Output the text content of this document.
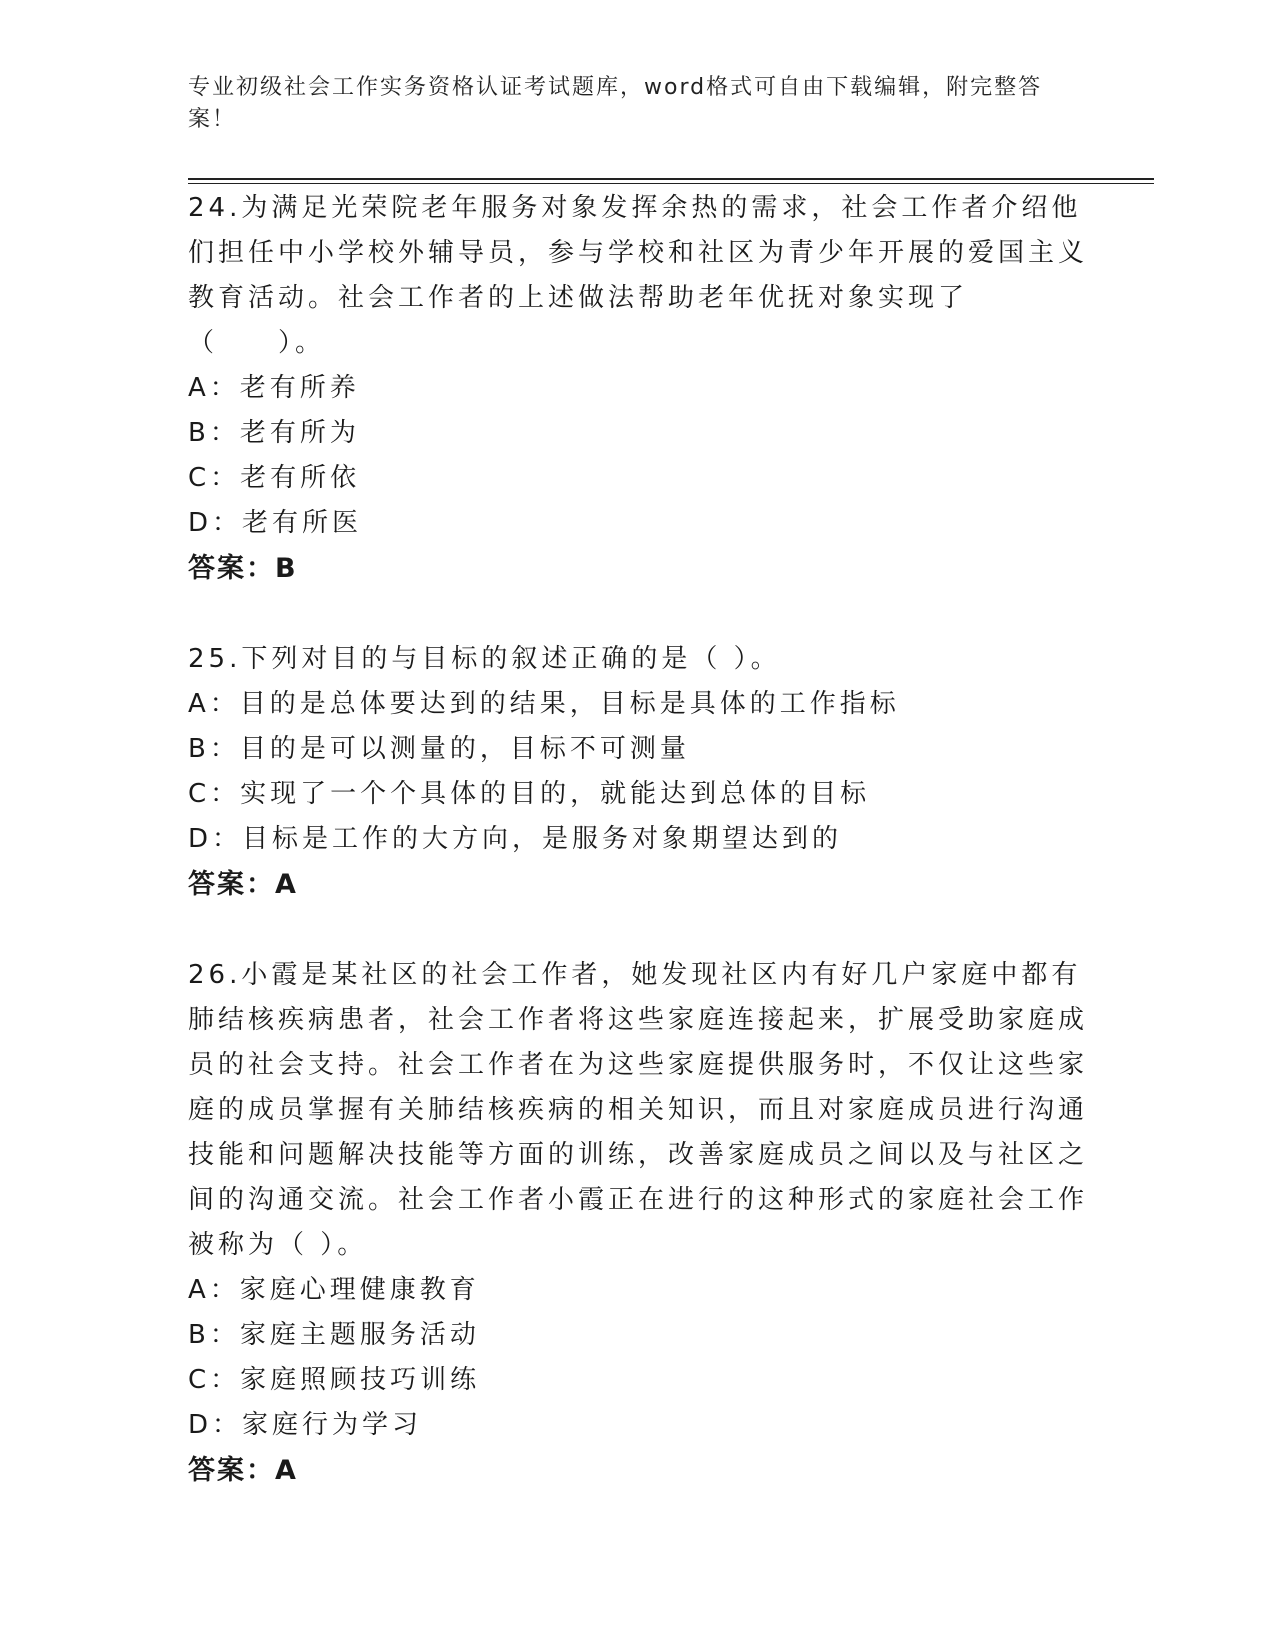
专业初级社会工作实务资格认证考试题库，word格式可自由下载编辑，附完整答案！

24.为满足光荣院老年服务对象发挥余热的需求，社会工作者介绍他们担任中小学校外辅导员，参与学校和社区为青少年开展的爱国主义教育活动。社会工作者的上述做法帮助老年优抚对象实现了（　　）。

A：老有所养

B：老有所为

C：老有所依

D：老有所医

答案：B

25.下列对目的与目标的叙述正确的是（ ）。

A：目的是总体要达到的结果，目标是具体的工作指标

B：目的是可以测量的，目标不可测量

C：实现了一个个具体的目的，就能达到总体的目标

D：目标是工作的大方向，是服务对象期望达到的

答案：A

26.小霞是某社区的社会工作者，她发现社区内有好几户家庭中都有肺结核疾病患者，社会工作者将这些家庭连接起来，扩展受助家庭成员的社会支持。社会工作者在为这些家庭提供服务时，不仅让这些家庭的成员掌握有关肺结核疾病的相关知识，而且对家庭成员进行沟通技能和问题解决技能等方面的训练，改善家庭成员之间以及与社区之间的沟通交流。社会工作者小霞正在进行的这种形式的家庭社会工作被称为（ ）。

A：家庭心理健康教育

B：家庭主题服务活动

C：家庭照顾技巧训练

D：家庭行为学习

答案：A
